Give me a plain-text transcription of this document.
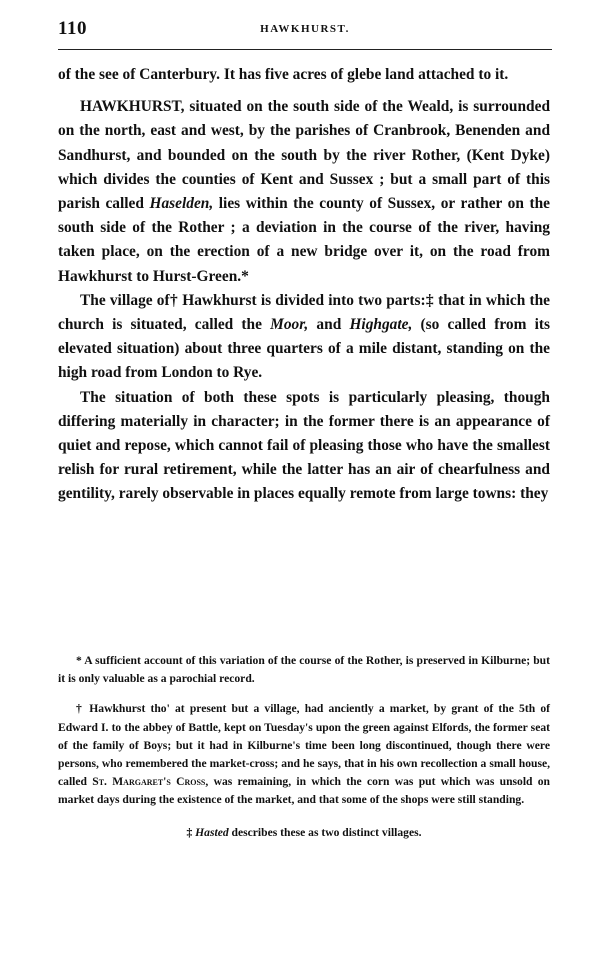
110	HAWKHURST.

of the see of Canterbury. It has five acres of glebe land attached to it.

HAWKHURST, situated on the south side of the Weald, is surrounded on the north, east and west, by the parishes of Cranbrook, Benenden and Sandhurst, and bounded on the south by the river Rother, (Kent Dyke) which divides the counties of Kent and Sussex ; but a small part of this parish called Haselden, lies within the county of Sussex, or rather on the south side of the Rother ; a deviation in the course of the river, having taken place, on the erection of a new bridge over it, on the road from Hawkhurst to Hurst-Green.*

The village of† Hawkhurst is divided into two parts:‡ that in which the church is situated, called the Moor, and Highgate, (so called from its elevated situation) about three quarters of a mile distant, standing on the high road from London to Rye.

The situation of both these spots is particularly pleasing, though differing materially in character; in the former there is an appearance of quiet and repose, which cannot fail of pleasing those who have the smallest relish for rural retirement, while the latter has an air of chearfulness and gentility, rarely observable in places equally remote from large towns: they

* A sufficient account of this variation of the course of the Rother, is preserved in Kilburne; but it is only valuable as a parochial record.

† Hawkhurst tho' at present but a village, had anciently a market, by grant of the 5th of Edward I. to the abbey of Battle, kept on Tuesday's upon the green against Elfords, the former seat of the family of Boys; but it had in Kilburne's time been long discontinued, though there were persons, who remembered the market-cross; and he says, that in his own recollection a small house, called St. Margaret's Cross, was remaining, in which the corn was put which was unsold on market days during the existence of the market, and that some of the shops were still standing.

‡ Hasted describes these as two distinct villages.
